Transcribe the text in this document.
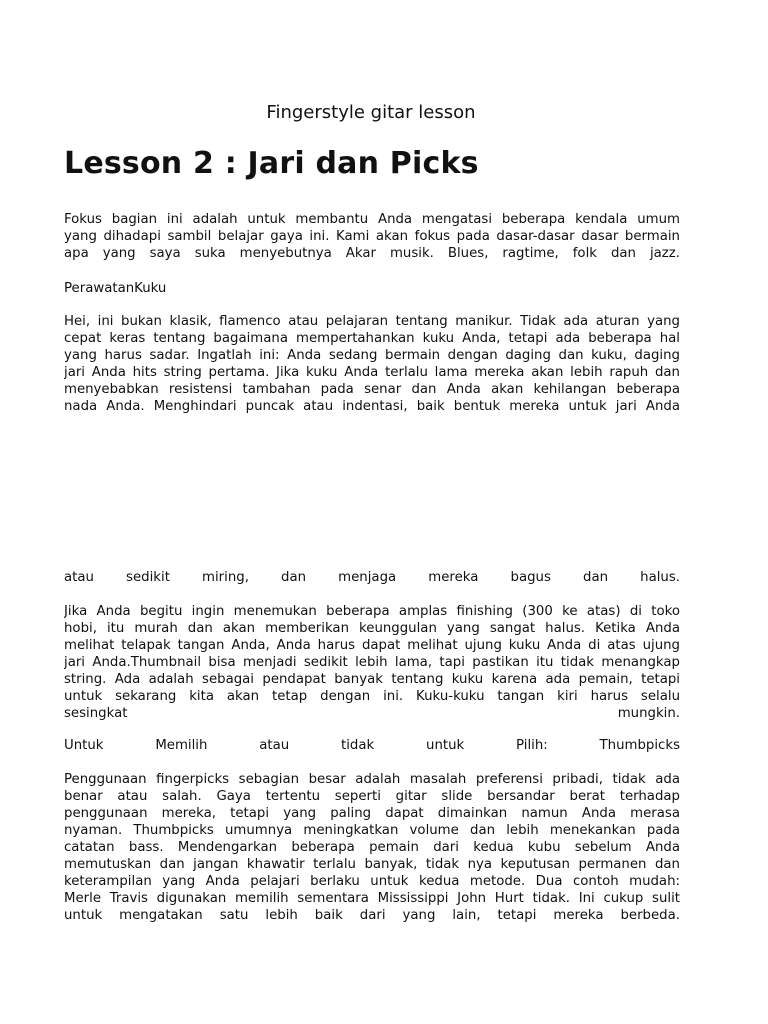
Fingerstyle gitar lesson
Lesson 2 : Jari dan Picks
Fokus bagian ini adalah untuk membantu Anda mengatasi beberapa kendala umum
yang dihadapi sambil belajar gaya ini. Kami akan fokus pada dasar-dasar dasar bermain
apa yang saya suka menyebutnya Akar musik. Blues, ragtime, folk dan jazz.
PerawatanKuku
Hei, ini bukan klasik, flamenco atau pelajaran tentang manikur. Tidak ada aturan yang
cepat keras tentang bagaimana mempertahankan kuku Anda, tetapi ada beberapa hal
yang harus sadar. Ingatlah ini: Anda sedang bermain dengan daging dan kuku, daging
jari Anda hits string pertama. Jika kuku Anda terlalu lama mereka akan lebih rapuh dan
menyebabkan resistensi tambahan pada senar dan Anda akan kehilangan beberapa
nada Anda. Menghindari puncak atau indentasi, baik bentuk mereka untuk jari Anda
atau sedikit miring, dan menjaga mereka bagus dan halus.
Jika Anda begitu ingin menemukan beberapa amplas finishing (300 ke atas) di toko
hobi, itu murah dan akan memberikan keunggulan yang sangat halus. Ketika Anda
melihat telapak tangan Anda, Anda harus dapat melihat ujung kuku Anda di atas ujung
jari Anda.Thumbnail bisa menjadi sedikit lebih lama, tapi pastikan itu tidak menangkap
string. Ada adalah sebagai pendapat banyak tentang kuku karena ada pemain, tetapi
untuk sekarang kita akan tetap dengan ini. Kuku-kuku tangan kiri harus selalu
sesingkat mungkin.
Untuk Memilih atau tidak untuk Pilih: Thumbpicks
Penggunaan fingerpicks sebagian besar adalah masalah preferensi pribadi, tidak ada
benar atau salah. Gaya tertentu seperti gitar slide bersandar berat terhadap
penggunaan mereka, tetapi yang paling dapat dimainkan namun Anda merasa
nyaman. Thumbpicks umumnya meningkatkan volume dan lebih menekankan pada
catatan bass. Mendengarkan beberapa pemain dari kedua kubu sebelum Anda
memutuskan dan jangan khawatir terlalu banyak, tidak nya keputusan permanen dan
keterampilan yang Anda pelajari berlaku untuk kedua metode. Dua contoh mudah:
Merle Travis digunakan memilih sementara Mississippi John Hurt tidak. Ini cukup sulit
untuk mengatakan satu lebih baik dari yang lain, tetapi mereka berbeda.
